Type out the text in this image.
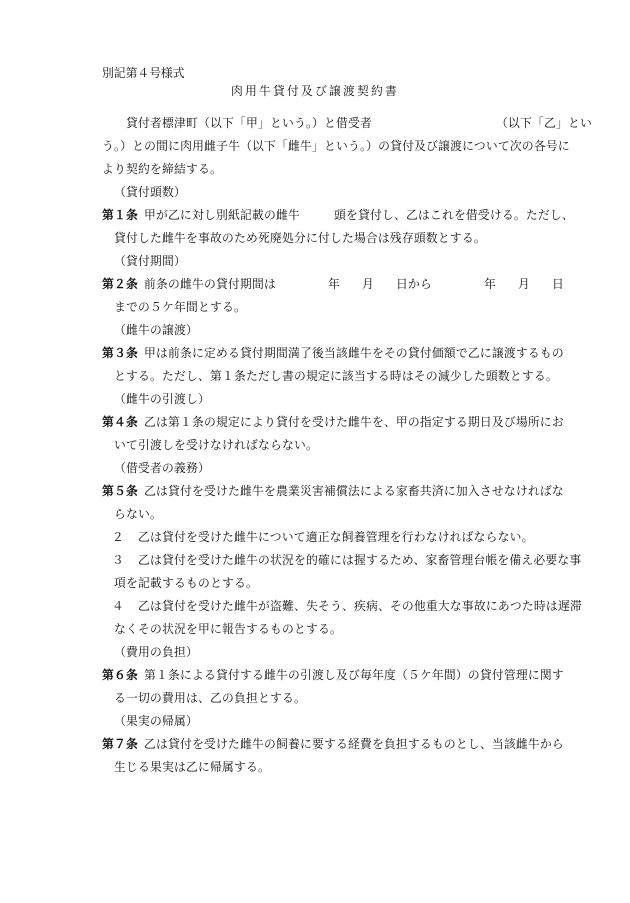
別記第４号様式
肉用牛貸付及び譲渡契約書
貸付者標津町（以下「甲」という。）と借受者	（以下「乙」とい
う。）との間に肉用雌子牛（以下「雌牛」という。）の貸付及び譲渡について次の各号に
より契約を締結する。
（貸付頭数）
第１条 甲が乙に対し別紙記載の雌牛	頭を貸付し、乙はこれを借受ける。ただし、
貸付した雌牛を事故のため死廃処分に付した場合は残存頭数とする。
（貸付期間）
第２条 前条の雌牛の貸付期間は	年 月 日から	年 月 日
までの５ケ年間とする。
（雌牛の譲渡）
第３条 甲は前条に定める貸付期間満了後当該雌牛をその貸付価額で乙に譲渡するもの
とする。ただし、第１条ただし書の規定に該当する時はその減少した頭数とする。
（雌牛の引渡し）
第４条 乙は第１条の規定により貸付を受けた雌牛を、甲の指定する期日及び場所にお
いて引渡しを受けなければならない。
（借受者の義務）
第５条 乙は貸付を受けた雌牛を農業災害補償法による家畜共済に加入させなければな
らない。
２ 乙は貸付を受けた雌牛について適正な飼養管理を行わなければならない。
３ 乙は貸付を受けた雌牛の状況を的確には握するため、家畜管理台帳を備え必要な事
項を記載するものとする。
４ 乙は貸付を受けた雌牛が盗難、失そう、疾病、その他重大な事故にあつた時は遅滞
なくその状況を甲に報告するものとする。
（費用の負担）
第６条 第１条による貸付する雌牛の引渡し及び毎年度（５ケ年間）の貸付管理に関す
る一切の費用は、乙の負担とする。
（果実の帰属）
第７条 乙は貸付を受けた雌牛の飼養に要する経費を負担するものとし、当該雌牛から
生じる果実は乙に帰属する。
